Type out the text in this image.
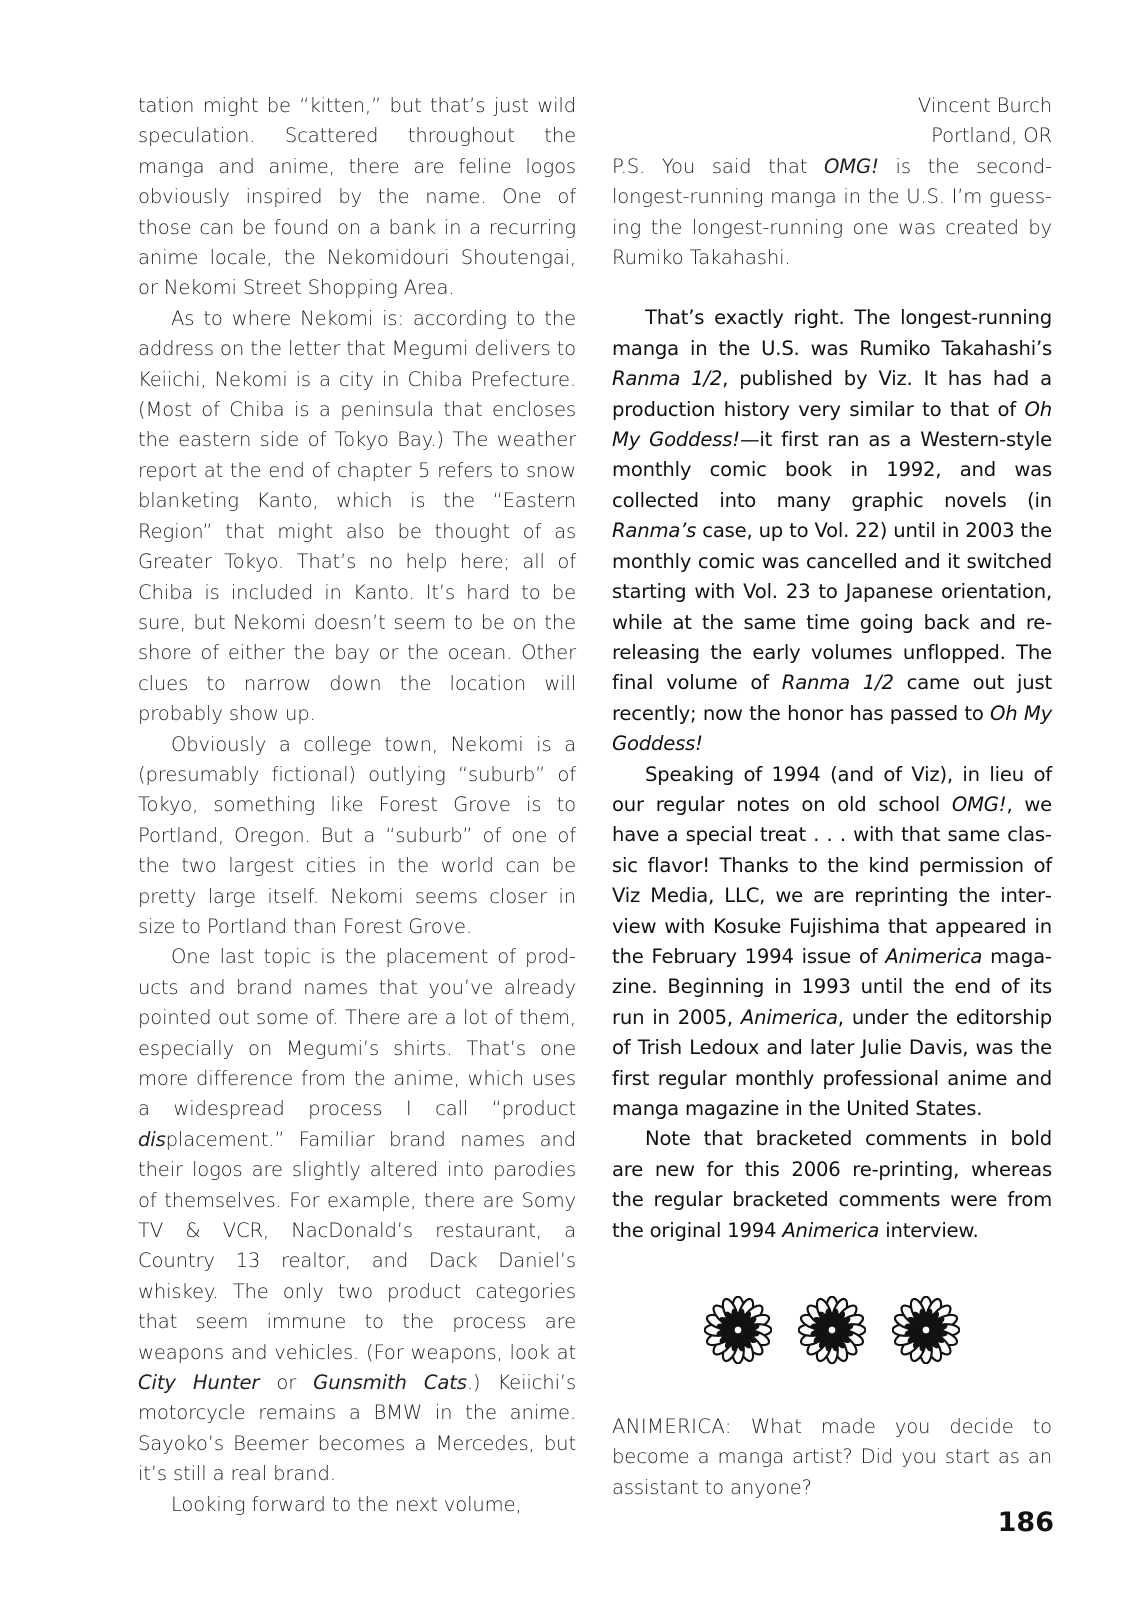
tation might be “kitten,” but that’s just wild speculation. Scattered throughout the manga and anime, there are feline logos obviously inspired by the name. One of those can be found on a bank in a recurring anime locale, the Nekomidouri Shoutengai, or Nekomi Street Shopping Area.

As to where Nekomi is: according to the address on the letter that Megumi delivers to Keiichi, Nekomi is a city in Chiba Prefecture. (Most of Chiba is a peninsula that encloses the eastern side of Tokyo Bay.) The weather report at the end of chapter 5 refers to snow blanketing Kanto, which is the “Eastern Region” that might also be thought of as Greater Tokyo. That’s no help here; all of Chiba is included in Kanto. It’s hard to be sure, but Nekomi doesn’t seem to be on the shore of either the bay or the ocean. Other clues to narrow down the location will probably show up.

Obviously a college town, Nekomi is a (presumably fictional) outlying “suburb” of Tokyo, something like Forest Grove is to Portland, Oregon. But a “suburb” of one of the two largest cities in the world can be pretty large itself. Nekomi seems closer in size to Portland than Forest Grove.

One last topic is the placement of products and brand names that you’ve already pointed out some of. There are a lot of them, especially on Megumi’s shirts. That’s one more difference from the anime, which uses a widespread process I call “product displacement.” Familiar brand names and their logos are slightly altered into parodies of themselves. For example, there are Somy TV & VCR, NacDonald’s restaurant, a Country 13 realtor, and Dack Daniel’s whiskey. The only two product categories that seem immune to the process are weapons and vehicles. (For weapons, look at City Hunter or Gunsmith Cats.) Keiichi’s motorcycle remains a BMW in the anime. Sayoko’s Beemer becomes a Mercedes, but it’s still a real brand.

Looking forward to the next volume,

Vincent Burch

Portland, OR

P.S. You said that OMG! is the second-longest-running manga in the U.S. I’m guessing the longest-running one was created by Rumiko Takahashi.

That’s exactly right. The longest-running manga in the U.S. was Rumiko Takahashi’s Ranma 1/2, published by Viz. It has had a production history very similar to that of Oh My Goddess!—it first ran as a Western-style monthly comic book in 1992, and was collected into many graphic novels (in Ranma’s case, up to Vol. 22) until in 2003 the monthly comic was cancelled and it switched starting with Vol. 23 to Japanese orientation, while at the same time going back and re-releasing the early volumes unflopped. The final volume of Ranma 1/2 came out just recently; now the honor has passed to Oh My Goddess!

Speaking of 1994 (and of Viz), in lieu of our regular notes on old school OMG!, we have a special treat . . . with that same classic flavor! Thanks to the kind permission of Viz Media, LLC, we are reprinting the interview with Kosuke Fujishima that appeared in the February 1994 issue of Animerica magazine. Beginning in 1993 until the end of its run in 2005, Animerica, under the editorship of Trish Ledoux and later Julie Davis, was the first regular monthly professional anime and manga magazine in the United States.

Note that bracketed comments in bold are new for this 2006 re-printing, whereas the regular bracketed comments were from the original 1994 Animerica interview.

ANIMERICA: What made you decide to become a manga artist? Did you start as an assistant to anyone?

186
